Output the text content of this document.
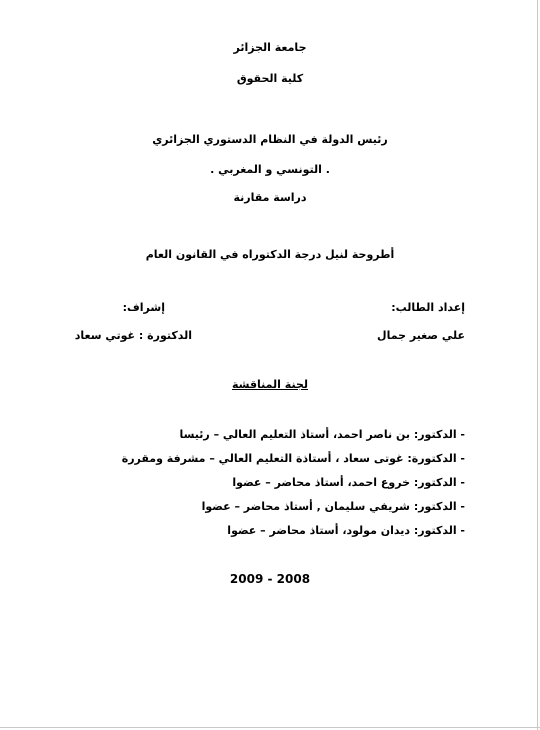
جامعة الجزائر
كلية الحقوق
رئيس الدولة في النظام الدستوري الجزائري
. التونسي و المغربي .
دراسة مقارنة
أطروحة لنيل درجة الدكتوراه في القانون العام
إعداد الطالب:
إشراف:
علي صغير جمال
الدكتورة : غوتي سعاد
لجنة المناقشة
- الدكتور: بن ناصر احمد، أستاذ التعليم العالي – رئيسا
- الدكتورة: غوتى سعاد ، أستاذة التعليم العالي – مشرفة ومقررة
- الدكتور: خروع احمد، أستاذ محاضر – عضوا
- الدكتور: شريفي سليمان , أستاذ محاضر – عضوا
- الدكتور: ديدان مولود، أستاذ محاضر – عضوا
2009 - 2008
